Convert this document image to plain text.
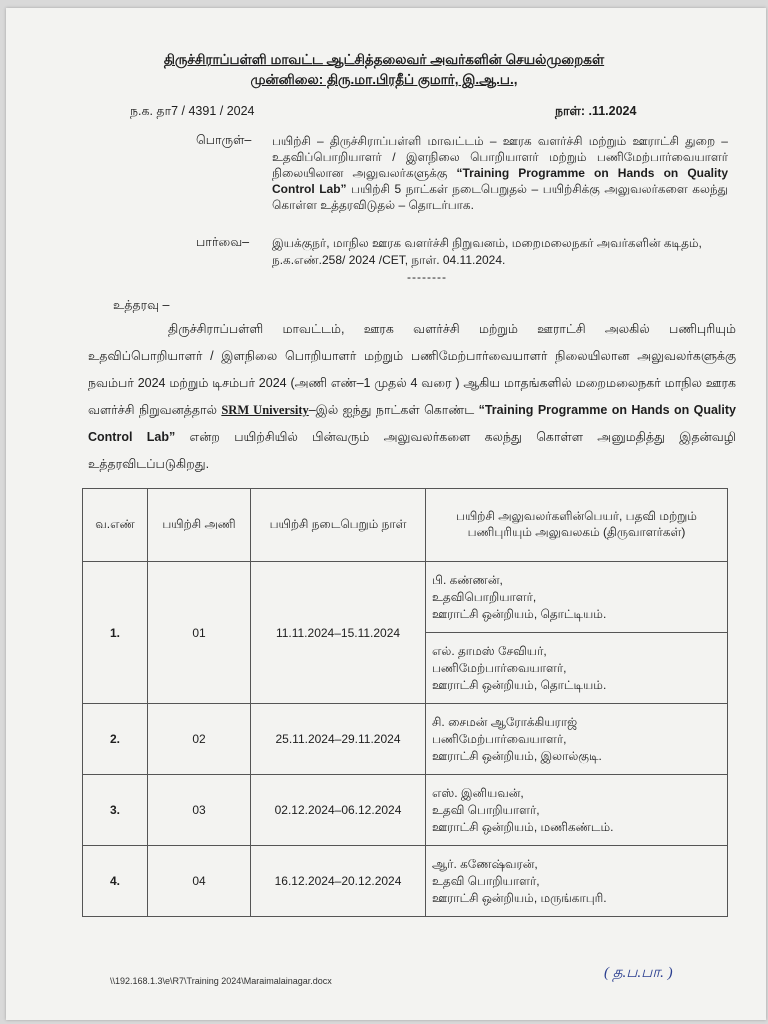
திருச்சிராப்பள்ளி மாவட்ட ஆட்சித்தலைவர் அவர்களின் செயல்முறைகள்
முன்னிலை: திரு.மா.பிரதீப் குமார், இ.ஆ.ப.,
ந.க. தா7 / 4391 / 2024	நாள்: .11.2024
பொருள்– பயிற்சி – திருச்சிராப்பள்ளி மாவட்டம் – ஊரக வளர்ச்சி மற்றும் ஊராட்சி துறை – உதவிப்பொறியாளர் / இளநிலை பொறியாளர் மற்றும் பணிமேற்பார்வையாளர் நிலையிலான அலுவலர்களுக்கு “Training Programme on Hands on Quality Control Lab” பயிற்சி 5 நாட்கள் நடைபெறுதல் – பயிற்சிக்கு அலுவலர்களை கலந்து கொள்ள உத்தரவிடுதல் – தொடர்பாக.
பார்வை– இயக்குநர், மாநில ஊரக வளர்ச்சி நிறுவனம், மறைமலைநகர் அவர்களின் கடிதம், ந.க.எண்.258/ 2024 /CET, நாள். 04.11.2024.
--------
உத்தரவு –
திருச்சிராப்பள்ளி மாவட்டம், ஊரக வளர்ச்சி மற்றும் ஊராட்சி அலகில் பணிபுரியும் உதவிப்பொறியாளர் / இளநிலை பொறியாளர் மற்றும் பணிமேற்பார்வையாளர் நிலையிலான அலுவலர்களுக்கு நவம்பர் 2024 மற்றும் டிசம்பர் 2024 (அணி எண்–1 முதல் 4 வரை ) ஆகிய மாதங்களில் மறைமலைநகர் மாநில ஊரக வளர்ச்சி நிறுவனத்தால் SRM University–இல் ஐந்து நாட்கள் கொண்ட “Training Programme on Hands on Quality Control Lab” என்ற பயிற்சியில் பின்வரும் அலுவலர்களை கலந்து கொள்ள அனுமதித்து இதன்வழி உத்தரவிடப்படுகிறது.
வ.எண்	பயிற்சி அணி	பயிற்சி நடைபெறும் நாள்	பயிற்சி அலுவலர்களின்பெயர், பதவி மற்றும் பணிபுரியும் அலுவலகம் (திருவாளர்கள்)
1.	01	11.11.2024–15.11.2024	பி. கண்ணன்,
உதவிபொறியாளர்,
ஊராட்சி ஒன்றியம், தொட்டியம்.

			எல். தாமஸ் சேவியர்,
பணிமேற்பார்வையாளர்,
ஊராட்சி ஒன்றியம், தொட்டியம்.

2.	02	25.11.2024–29.11.2024	சி. சைமன் ஆரோக்கியராஜ்
பணிமேற்பார்வையாளர்,
ஊராட்சி ஒன்றியம், இலால்குடி.

3.	03	02.12.2024–06.12.2024	எஸ். இனியவன்,
உதவி பொறியாளர்,
ஊராட்சி ஒன்றியம், மணிகண்டம்.

4.	04	16.12.2024–20.12.2024	ஆர். கணேஷ்வரன்,
உதவி பொறியாளர்,
ஊராட்சி ஒன்றியம், மருங்காபுரி.
\\192.168.1.3\e\R7\Training 2024\Maraimalainagar.docx	( த.ப.பா. )
